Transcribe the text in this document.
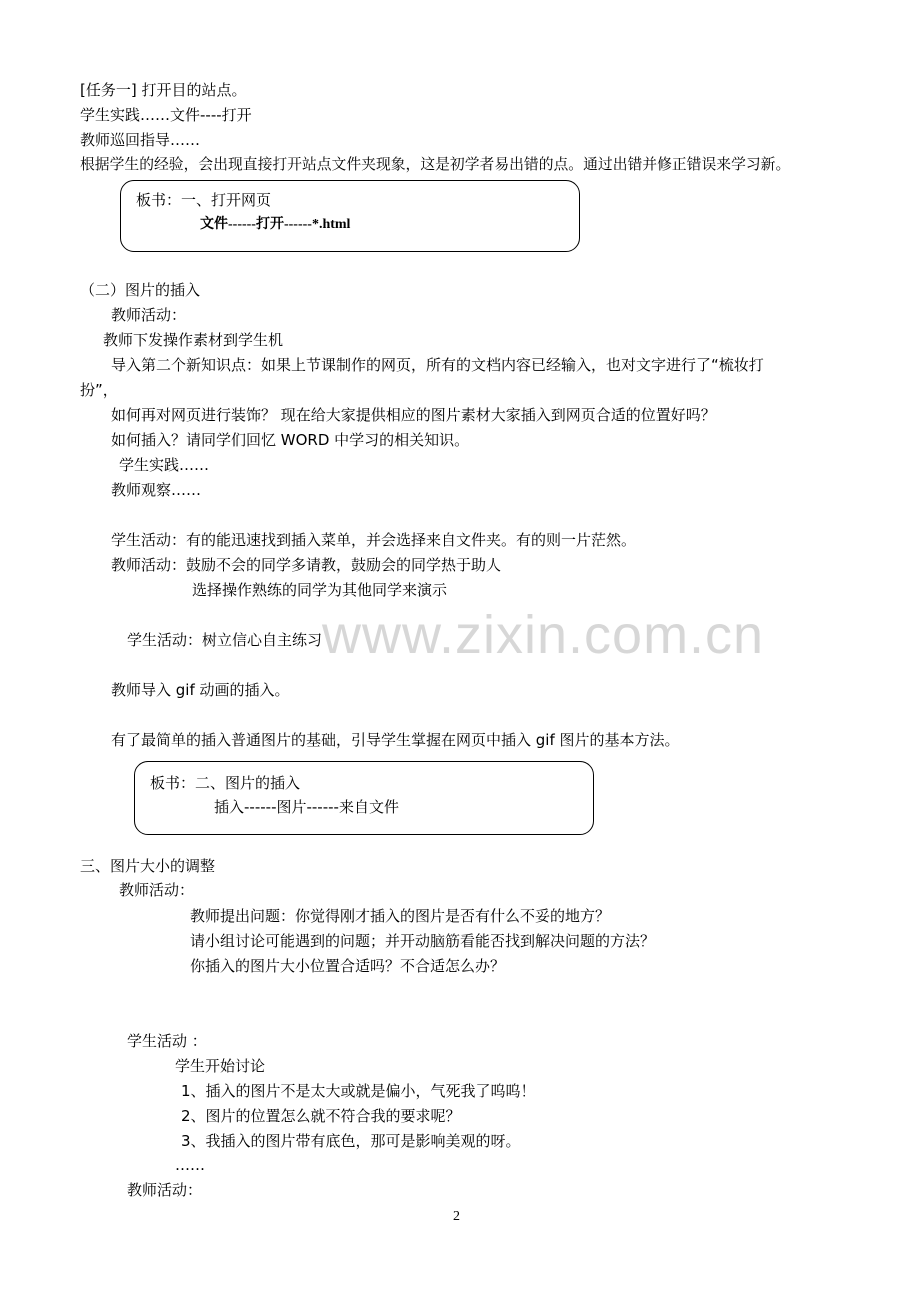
[任务一] 打开目的站点。
学生实践……文件----打开
教师巡回指导……
根据学生的经验，会出现直接打开站点文件夹现象，这是初学者易出错的点。通过出错并修正错误来学习新。
板书：一、打开网页
文件------打开------*.html
（二）图片的插入
教师活动：
教师下发操作素材到学生机
导入第二个新知识点：如果上节课制作的网页，所有的文档内容已经输入，也对文字进行了“梳妆打
扮”，
如何再对网页进行装饰？ 现在给大家提供相应的图片素材大家插入到网页合适的位置好吗？
如何插入？请同学们回忆 WORD 中学习的相关知识。
学生实践……
教师观察……
学生活动：有的能迅速找到插入菜单，并会选择来自文件夹。有的则一片茫然。
教师活动：鼓励不会的同学多请教，鼓励会的同学热于助人
选择操作熟练的同学为其他同学来演示
www.zixin.com.cn
学生活动：树立信心自主练习
教师导入 gif 动画的插入。
有了最简单的插入普通图片的基础，引导学生掌握在网页中插入 gif 图片的基本方法。
板书：二、图片的插入
插入------图片------来自文件
三、图片大小的调整
教师活动：
教师提出问题：你觉得刚才插入的图片是否有什么不妥的地方？
请小组讨论可能遇到的问题；并开动脑筋看能否找到解决问题的方法？
你插入的图片大小位置合适吗？不合适怎么办？
学生活动 ：
学生开始讨论
1、插入的图片不是太大或就是偏小，气死我了呜呜！
2、图片的位置怎么就不符合我的要求呢？
3、我插入的图片带有底色，那可是影响美观的呀。
……
教师活动：
2
